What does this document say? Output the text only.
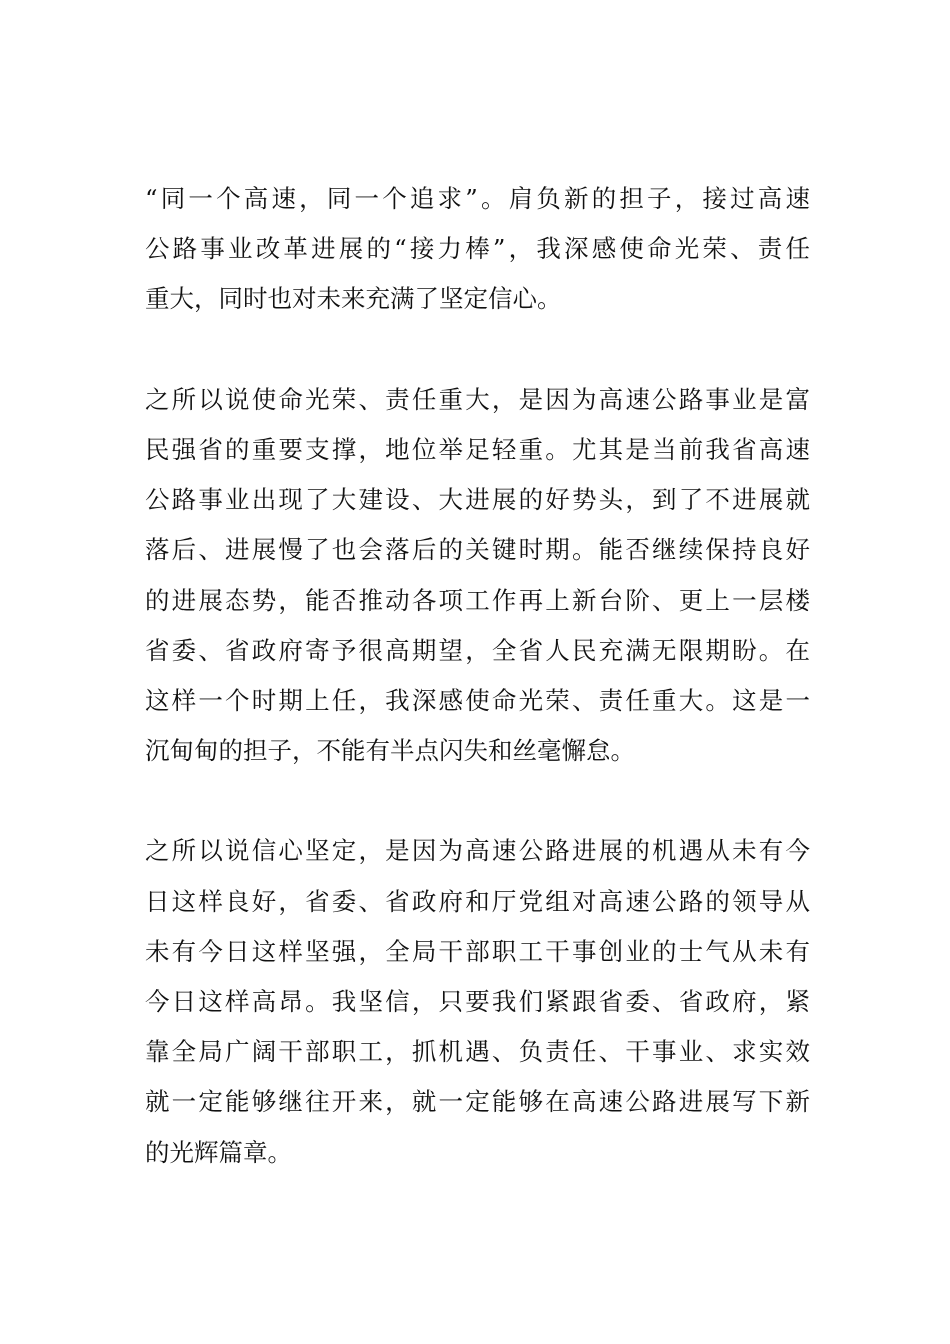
“同一个高速，同一个追求”。肩负新的担子，接过高速
公路事业改革进展的“接力棒”，我深感使命光荣、责任
重大，同时也对未来充满了坚定信心。
之所以说使命光荣、责任重大，是因为高速公路事业是富
民强省的重要支撑，地位举足轻重。尤其是当前我省高速
公路事业出现了大建设、大进展的好势头，到了不进展就
落后、进展慢了也会落后的关键时期。能否继续保持良好
的进展态势，能否推动各项工作再上新台阶、更上一层楼
省委、省政府寄予很高期望，全省人民充满无限期盼。在
这样一个时期上任，我深感使命光荣、责任重大。这是一
沉甸甸的担子，不能有半点闪失和丝毫懈怠。
之所以说信心坚定，是因为高速公路进展的机遇从未有今
日这样良好，省委、省政府和厅党组对高速公路的领导从
未有今日这样坚强，全局干部职工干事创业的士气从未有
今日这样高昂。我坚信，只要我们紧跟省委、省政府，紧
靠全局广阔干部职工，抓机遇、负责任、干事业、求实效
就一定能够继往开来，就一定能够在高速公路进展写下新
的光辉篇章。
